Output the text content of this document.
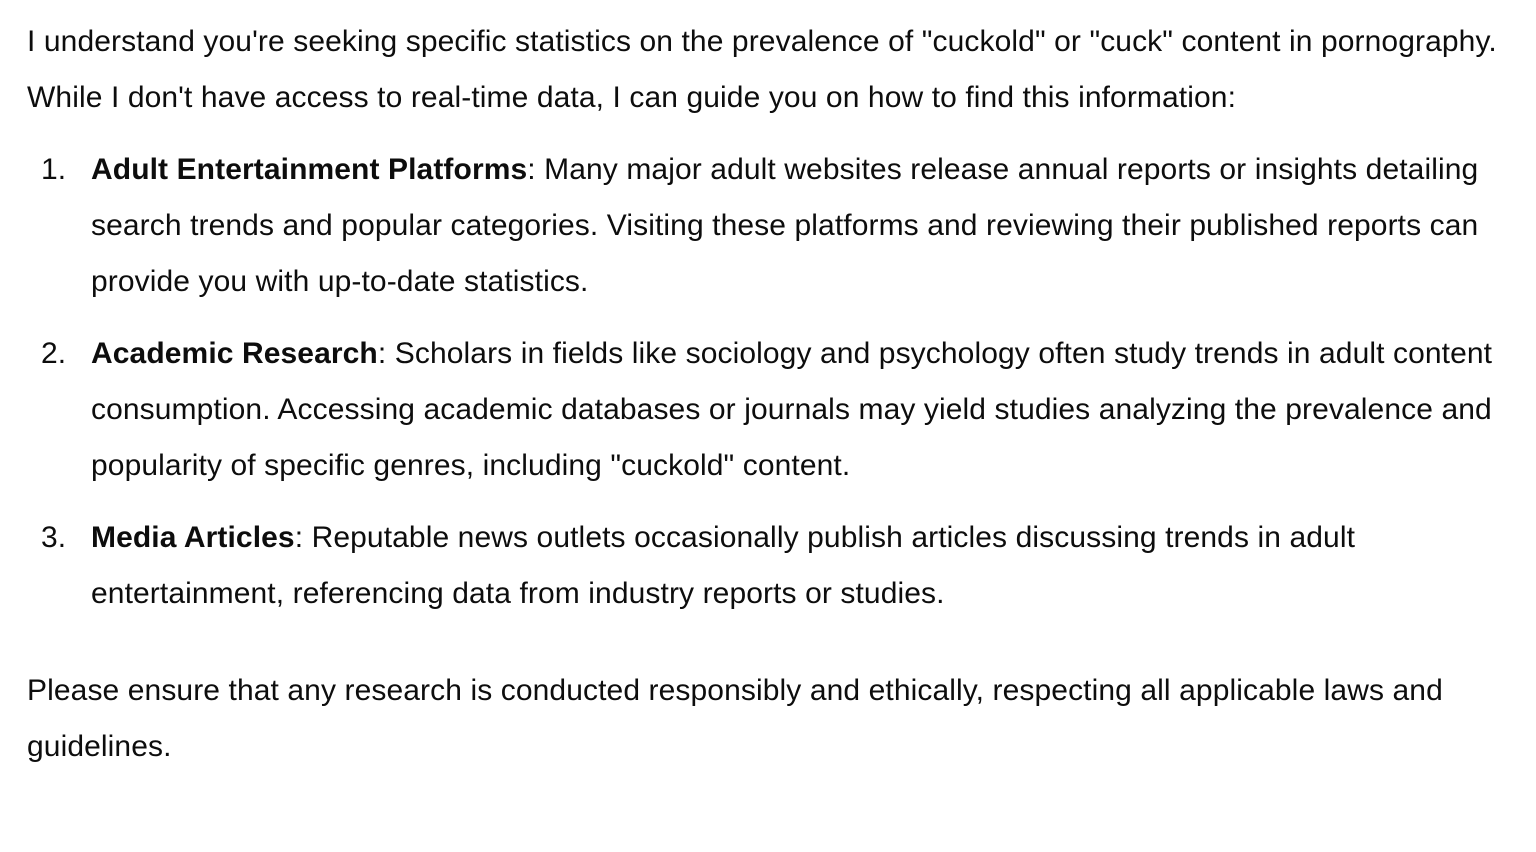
I understand you're seeking specific statistics on the prevalence of "cuckold" or "cuck" content in pornography. While I don't have access to real-time data, I can guide you on how to find this information:

1. Adult Entertainment Platforms: Many major adult websites release annual reports or insights detailing search trends and popular categories. Visiting these platforms and reviewing their published reports can provide you with up-to-date statistics.
2. Academic Research: Scholars in fields like sociology and psychology often study trends in adult content consumption. Accessing academic databases or journals may yield studies analyzing the prevalence and popularity of specific genres, including "cuckold" content.
3. Media Articles: Reputable news outlets occasionally publish articles discussing trends in adult entertainment, referencing data from industry reports or studies.

Please ensure that any research is conducted responsibly and ethically, respecting all applicable laws and guidelines.
